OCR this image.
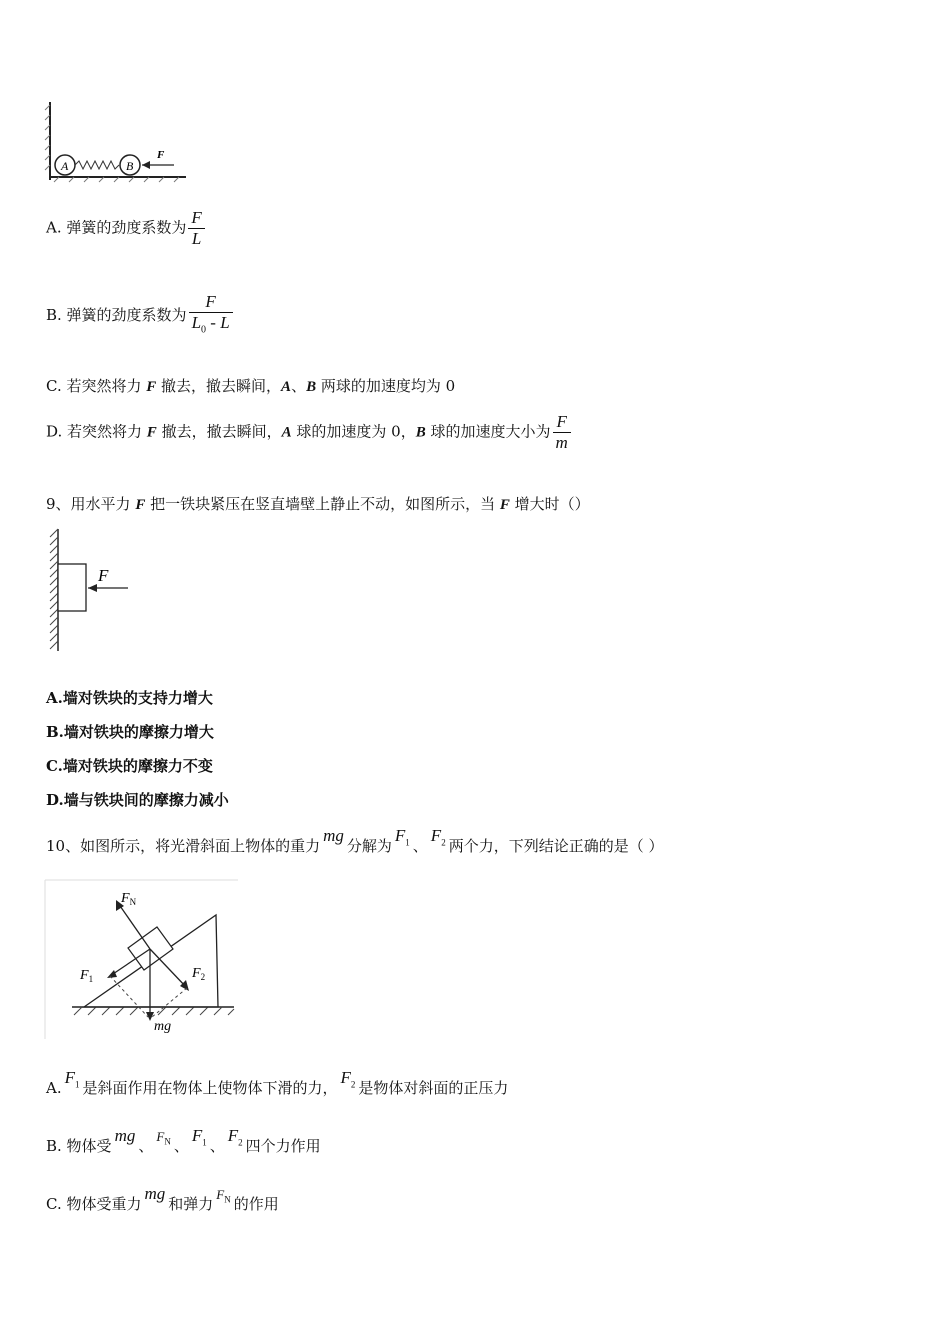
A	B
F
A. 弹簧的劲度系数为 $\frac{F}{L}$
B. 弹簧的劲度系数为 $\frac{F}{L_0 - L}$
C. 若突然将力 F 撤去，撤去瞬间，A、B 两球的加速度均为 0
D. 若突然将力 F 撤去，撤去瞬间，A 球的加速度为 0，B 球的加速度大小为 $\frac{F}{m}$
9、用水平力 F 把一铁块紧压在竖直墙壁上静止不动，如图所示，当 F 增大时（）
F
A.墙对铁块的支持力增大
B.墙对铁块的摩擦力增大
C.墙对铁块的摩擦力不变
D.墙与铁块间的摩擦力减小
10、如图所示，将光滑斜面上物体的重力mg分解为$F_1$ 、$F_2$ 两个力，下列结论正确的是（ ）
$F_N$
mg
$F_1$	$F_2$
$A.F_1$ 是斜面作用在物体上使物体下滑的力，$F_2$ 是物体对斜面的正压力
B. 物体受mg、$F_N$ 、$F_1$ 、$F_2$ 四个力作用
C. 物体受重力mg和弹力$F_N$ 的作用
